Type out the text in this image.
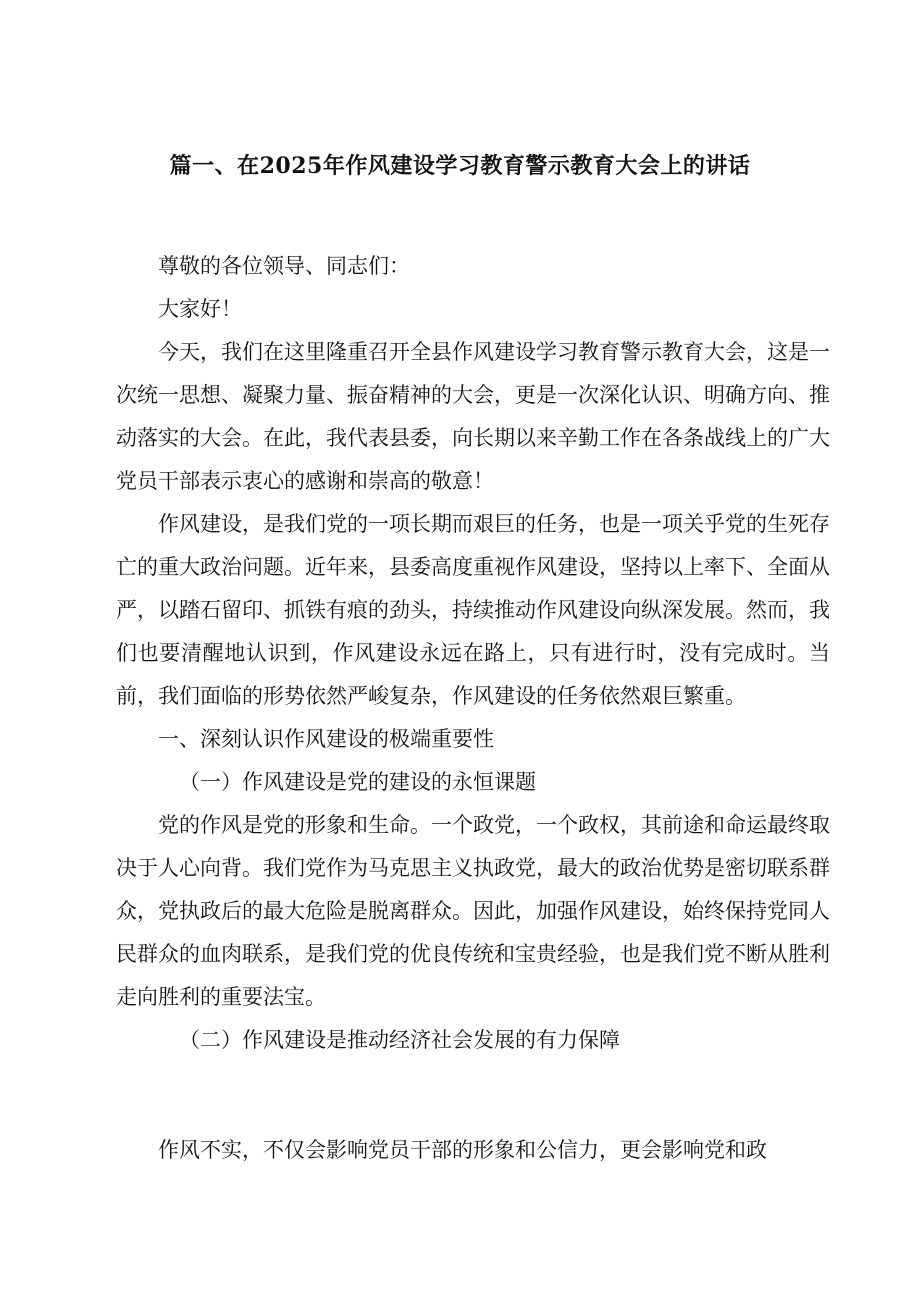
篇一、在2025年作风建设学习教育警示教育大会上的讲话

尊敬的各位领导、同志们：

大家好！

今天，我们在这里隆重召开全县作风建设学习教育警示教育大会，这是一次统一思想、凝聚力量、振奋精神的大会，更是一次深化认识、明确方向、推动落实的大会。在此，我代表县委，向长期以来辛勤工作在各条战线上的广大党员干部表示衷心的感谢和崇高的敬意！

作风建设，是我们党的一项长期而艰巨的任务，也是一项关乎党的生死存亡的重大政治问题。近年来，县委高度重视作风建设，坚持以上率下、全面从严，以踏石留印、抓铁有痕的劲头，持续推动作风建设向纵深发展。然而，我们也要清醒地认识到，作风建设永远在路上，只有进行时，没有完成时。当前，我们面临的形势依然严峻复杂，作风建设的任务依然艰巨繁重。

一、深刻认识作风建设的极端重要性

（一）作风建设是党的建设的永恒课题

党的作风是党的形象和生命。一个政党，一个政权，其前途和命运最终取决于人心向背。我们党作为马克思主义执政党，最大的政治优势是密切联系群众，党执政后的最大危险是脱离群众。因此，加强作风建设，始终保持党同人民群众的血肉联系，是我们党的优良传统和宝贵经验，也是我们党不断从胜利走向胜利的重要法宝。

（二）作风建设是推动经济社会发展的有力保障

作风不实，不仅会影响党员干部的形象和公信力，更会影响党和政
